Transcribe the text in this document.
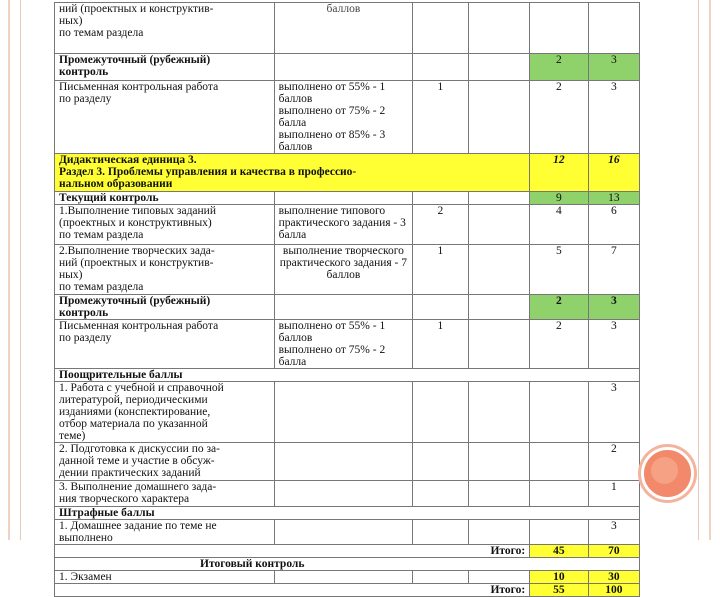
ний (проектных и конструктив-
ных)
по темам раздела	баллов				
Промежуточный (рубежный)
контроль				2	3
Письменная контрольная работа
по разделу	выполнено от 55% - 1 баллов
выполнено от 75% - 2 балла
выполнено от 85% - 3 баллов	1		2	3
Дидактическая единица 3.
Раздел 3. Проблемы управления и качества в профессио-
нальном образовании				12	16
Текущий контроль				9	13
1.Выполнение типовых заданий
(проектных и конструктивных)
по темам раздела	выполнение типового практического задания - 3 балла	2		4	6
2.Выполнение творческих зада-
ний (проектных и конструктив-
ных)
по темам раздела	выполнение творческого практического задания - 7 баллов	1		5	7
Промежуточный (рубежный)
контроль				2	3
Письменная контрольная работа
по разделу	выполнено от 55% - 1 баллов
выполнено от 75% - 2 балла	1		2	3
Поощрительные баллы					
1. Работа с учебной и справочной
литературой, периодическими
изданиями (конспектирование,
отбор материала по указанной
теме)					3
2. Подготовка к дискуссии по за-
данной теме и участие в обсуж-
дении практических заданий					2
3. Выполнение домашнего зада-
ния творческого характера					1
Штрафные баллы					
1. Домашнее задание по теме не
выполнено					3
Итого:				45	70
Итоговый контроль					
1. Экзамен				10	30
Итого:				55	100
